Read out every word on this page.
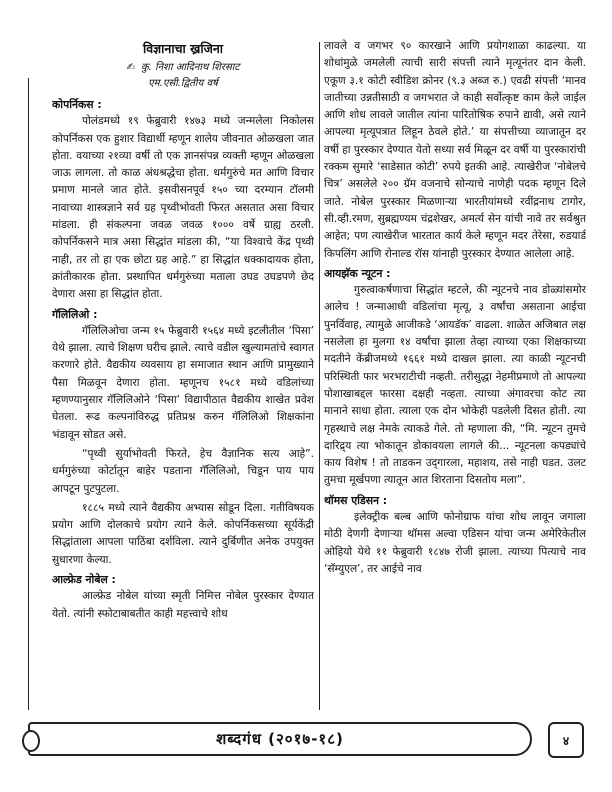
विज्ञानाचा ख्रजिना
✍ कु. निशा आदिनाथ शिरसाट
एम.एसी.द्वितीय वर्ष
कोपर्निकस :

पोलंडमध्ये १९ फेब्रुवारी १४७३ मध्ये जन्मलेला निकोलस कोपर्निकस एक हुशार विद्यार्थी म्हणून शालेय जीवनात ओळखला जात होता. वयाच्या २१व्या वर्षी तो एक ज्ञानसंपन्न व्यक्ती म्हणून ओळखला जाऊ लागला. तो काळ अंधश्रद्धेचा होता. धर्मगुरुंचे मत आणि विचार प्रमाण मानले जात होते. इसवीसनपूर्व १५० च्या दरम्यान टॉलमी नावाच्या शास्त्रज्ञाने सर्व ग्रह पृथ्वीभोवती फिरत असतात असा विचार मांडला. ही संकल्पना जवळ जवळ १००० वर्षे ग्राह्य ठरली. कोपर्निकसने मात्र असा सिद्धांत मांडला की, “या विश्वाचे केंद्र पृथ्वी नाही, तर तो हा एक छोटा ग्रह आहे.” हा सिद्धांत धक्कादायक होता, क्रांतीकारक होता. प्रस्थापित धर्मगुरुंच्या मताला उघड उघडपणे छेद देणारा असा हा सिद्धांत होता.

गॅलिलिओ :

गॅलिलिओचा जन्म १५ फेब्रुवारी १५६४ मध्ये इटलीतील ‘पिसा’ येथे झाला. त्याचे शिक्षण घरीच झाले. त्याचे वडील खुल्यामतांचे स्वागत करणारे होते. वैद्यकीय व्यवसाय हा समाजात स्थान आणि प्रामुख्याने पैसा मिळवून देणारा होता. म्हणूनच १५८१ मध्ये वडिलांच्या म्हणण्यानुसार गॅलिलिओने ‘पिसा’ विद्यापीठात वैद्यकीय शाखेत प्रवेश घेतला. रूढ कल्पनांविरुद्ध प्रतिप्रश्न करुन गॅलिलिओ शिक्षकांना भंडावून सोडत असे.

“पृथ्वी सुर्याभोवती फिरते, हेच वैज्ञानिक सत्य आहे”. धर्मगुरुंच्या कोर्टातून बाहेर पडताना गॅलिलिओ, चिडून पाय पाय आपटून पुटपुटला.

१८८५ मध्ये त्याने वैद्यकीय अभ्यास सोडून दिला. गतीविषयक प्रयोग आणि दोलकाचे प्रयोग त्याने केले. कोपर्निकसच्या सूर्यकेंद्री सिद्धांताला आपला पाठिंबा दर्शविला. त्याने दुर्बिणीत अनेक उपयुक्त सुधारणा केल्या.

आल्फ्रेड नोबेल :

आल्फ्रेड नोबेल यांच्या स्मृती निमित्त नोबेल पुरस्कार देण्यात येतो. त्यांनी स्फोटाबाबतीत काही महत्त्वाचे शोध

लावले व जगभर ९० कारखाने आणि प्रयोगशाळा काढल्या. या शोधांमुळे जमलेली त्याची सारी संपत्ती त्याने मृत्यूनंतर दान केली. एकूण ३.१ कोटी स्वीडिश क्रोनर (९.३ अब्ज रु.) एवढी संपत्ती ‘मानव जातीच्या उन्नतीसाठी व जगभरात जे काही सर्वोत्कृष्ट काम केले जाईल आणि शोध लावले जातील त्यांना पारितोषिक रुपाने द्यावी, असे त्याने आपल्या मृत्यूपत्रात लिहून ठेवले होते.’ या संपत्तीच्या व्याजातून दर वर्षी हा पुरस्कार देण्यात येतो सध्या सर्व मिळून दर वर्षी या पुरस्कारांची रक्कम सुमारे ‘साडेसात कोटी’ रुपये इतकी आहे. त्याखेरीज ‘नोबेलचे चित्र’ असलेले २०० ग्रॅम वजनाचे सोन्याचे नाणेही पदक म्हणून दिले जाते. नोबेल पुरस्कार मिळणाऱ्या भारतीयांमध्ये रवींद्रनाथ टागोर, सी.व्ही.रमण, सुब्रह्मण्यम चंद्रशेखर, अमर्त्य सेन यांची नावे तर सर्वश्रुत आहेत; पण त्याखेरीज भारतात कार्य केले म्हणून मदर तेरेसा, रुडयार्ड किपलिंग आणि रोनाल्ड रॉस यांनाही पुरस्कार देण्यात आलेला आहे.

आयझॅक न्यूटन :

गुरुत्वाकर्षणाचा सिद्धांत म्हटले, की न्यूटनचे नाव डोळ्यांसमोर आलेच ! जन्माआधी वडिलांचा मृत्यू, ३ वर्षांचा असताना आईचा पुनर्विवाह, त्यामुळे आजीकडे ‘आयडॅक’ वाढला. शाळेत अजिबात लक्ष नसलेला हा मुलगा १४ वर्षांचा झाला तेव्हा त्याच्या एका शिक्षकाच्या मदतीने केंब्रीजमध्ये १६६१ मध्ये दाखल झाला. त्या काळी न्यूटनची परिस्थिती फार भरभराटीची नव्हती. तरीसुद्धा नेहमीप्रमाणे तो आपल्या पोशाखाबद्दल फारसा दक्षही नव्हता. त्याच्या अंगावरचा कोट त्या मानाने साधा होता. त्याला एक दोन भोकेही पडलेली दिसत होती. त्या गृहस्थाचे लक्ष नेमके त्याकडे गेले. तो म्हणाला की, “मि. न्यूटन तुमचे दारिद्र्य त्या भोकातून डोकावयला लागले की... न्यूटनला कपड्यांचे काय विशेष ! तो ताडकन उद्‌गारला, महाशय, तसे नाही घडत. उलट तुमचा मूर्खपणा त्यातून आत शिरताना दिसतोय मला”.

थॉमस एडिसन :

इलेक्ट्रीक बल्ब आणि फोनोग्राफ यांचा शोध लावून जगाला मोठी देणगी देणाऱ्या थॉमस अल्वा एडिसन यांचा जन्म अमेरिकेतील ओहियो येथे ११ फेब्रुवारी १८४७ रोजी झाला. त्याच्या पित्याचे नाव ‘सॅम्युएल’, तर आईचे नाव

शब्दगंध (२०१७-१८)	४
